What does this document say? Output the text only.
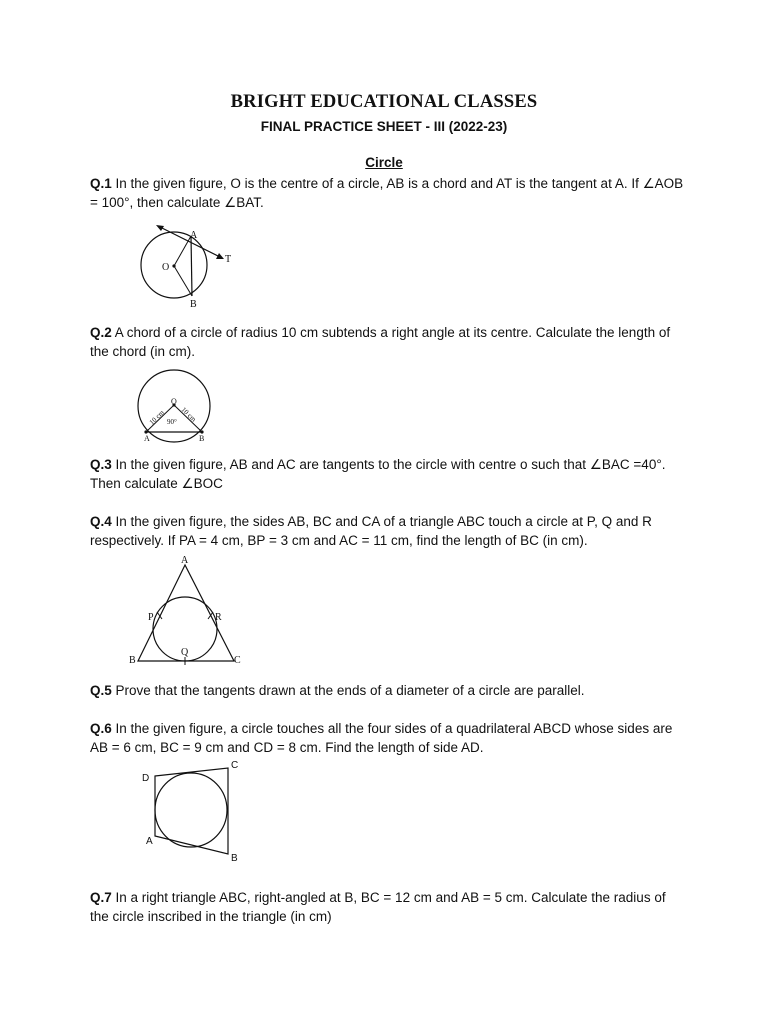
BRIGHT EDUCATIONAL CLASSES
FINAL PRACTICE SHEET - III (2022-23)
Circle
Q.1 In the given figure, O is the centre of a circle, AB is a chord and AT is the tangent at A. If ∠AOB = 100°, then calculate ∠BAT.
A
T
O
B
Q.2 A chord of a circle of radius 10 cm subtends a right angle at its centre. Calculate the length of the chord (in cm).
O
A	B
10 cm 10 cm
90°
Q.3 In the given figure, AB and AC are tangents to the circle with centre o such that ∠BAC =40°. Then calculate ∠BOC
Q.4 In the given figure, the sides AB, BC and CA of a triangle ABC touch a circle at P, Q and R respectively. If PA = 4 cm, BP = 3 cm and AC = 11 cm, find the length of BC (in cm).
A
B	C
P	R
Q
Q.5 Prove that the tangents drawn at the ends of a diameter of a circle are parallel.
Q.6 In the given figure, a circle touches all the four sides of a quadrilateral ABCD whose sides are AB = 6 cm, BC = 9 cm and CD = 8 cm. Find the length of side AD.
D
C
A
B
Q.7 In a right triangle ABC, right-angled at B, BC = 12 cm and AB = 5 cm. Calculate the radius of the circle inscribed in the triangle (in cm)
